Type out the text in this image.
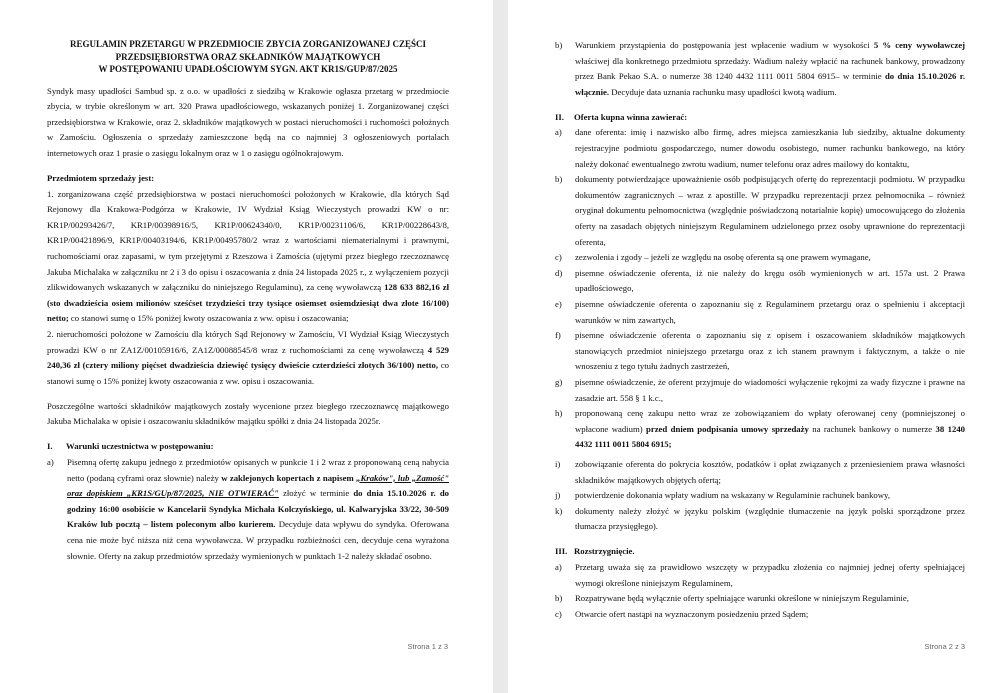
REGULAMIN PRZETARGU W PRZEDMIOCIE ZBYCIA ZORGANIZOWANEJ CZĘŚCI
PRZEDSIĘBIORSTWA ORAZ SKŁADNIKÓW MAJĄTKOWYCH
W POSTĘPOWANIU UPADŁOŚCIOWYM SYGN. AKT KR1S/GUP/87/2025

Syndyk masy upadłości Sambud sp. z o.o. w upadłości z siedzibą w Krakowie ogłasza przetarg w przedmiocie zbycia, w trybie określonym w art. 320 Prawa upadłościowego, wskazanych poniżej 1. Zorganizowanej części przedsiębiorstwa w Krakowie, oraz 2. składników majątkowych w postaci nieruchomości i ruchomości położnych w Zamościu. Ogłoszenia o sprzedaży zamieszczone będą na co najmniej 3 ogłoszeniowych portalach internetowych oraz 1 prasie o zasięgu lokalnym oraz w 1 o zasięgu ogólnokrajowym.

Przedmiotem sprzedaży jest:

1. zorganizowana część przedsiębiorstwa w postaci nieruchomości położonych w Krakowie, dla których Sąd Rejonowy dla Krakowa-Podgórza w Krakowie, IV Wydział Ksiąg Wieczystych prowadzi KW o nr: KR1P/00293426/7, KR1P/00398916/5, KR1P/00624340/0, KR1P/00231106/6, KR1P/00228643/8, KR1P/00421896/9, KR1P/00403194/6, KR1P/00495780/2 wraz z wartościami niematerialnymi i prawnymi, ruchomościami oraz zapasami, w tym przejętymi z Rzeszowa i Zamościa (ujętymi przez biegłego rzeczoznawcę Jakuba Michalaka w załączniku nr 2 i 3 do opisu i oszacowania z dnia 24 listopada 2025 r., z wyłączeniem pozycji zlikwidowanych wskazanych w załączniku do niniejszego Regulaminu), za cenę wywoławczą 128 633 882,16 zł (sto dwadzieścia osiem milionów sześćset trzydzieści trzy tysiące osiemset osiemdziesiąt dwa złote 16/100) netto; co stanowi sumę o 15% poniżej kwoty oszacowania z ww. opisu i oszacowania;

2. nieruchomości położone w Zamościu dla których Sąd Rejonowy w Zamościu, VI Wydział Ksiąg Wieczystych prowadzi KW o nr ZA1Z/00105916/6, ZA1Z/00088545/8 wraz z ruchomościami za cenę wywoławczą 4 529 240,36 zł (cztery miliony pięćset dwadzieścia dziewięć tysięcy dwieście czterdzieści złotych 36/100) netto, co stanowi sumę o 15% poniżej kwoty oszacowania z ww. opisu i oszacowania.

Poszczególne wartości składników majątkowych zostały wycenione przez biegłego rzeczoznawcę majątkowego Jakuba Michalaka w opisie i oszacowaniu składników majątku spółki z dnia 24 listopada 2025r.

I. Warunki uczestnictwa w postępowaniu:
a)	Pisemną ofertę zakupu jednego z przedmiotów opisanych w punkcie 1 i 2 wraz z proponowaną ceną nabycia netto (podaną cyframi oraz słownie) należy w zaklejonych kopertach z napisem „Kraków", lub „Zamość" oraz dopiskiem „KR1S/GUp/87/2025, NIE OTWIERAĆ" złożyć w terminie do dnia 15.10.2026 r. do godziny 16:00 osobiście w Kancelarii Syndyka Michała Kolczyńskiego, ul. Kalwaryjska 33/22, 30-509 Kraków lub pocztą – listem poleconym albo kurierem. Decyduje data wpływu do syndyka. Oferowana cena nie może być niższa niż cena wywoławcza. W przypadku rozbieżności cen, decyduje cena wyrażona słownie. Oferty na zakup przedmiotów sprzedaży wymienionych w punktach 1-2 należy składać osobno.
Strona 1 z 3
b)	Warunkiem przystąpienia do postępowania jest wpłacenie wadium w wysokości 5 % ceny wywoławczej właściwej dla konkretnego przedmiotu sprzedaży. Wadium należy wpłacić na rachunek bankowy, prowadzony przez Bank Pekao S.A. o numerze 38 1240 4432 1111 0011 5804 6915– w terminie do dnia 15.10.2026 r. włącznie. Decyduje data uznania rachunku masy upadłości kwotą wadium.
II. Oferta kupna winna zawierać:
a)	dane oferenta: imię i nazwisko albo firmę, adres miejsca zamieszkania lub siedziby, aktualne dokumenty rejestracyjne podmiotu gospodarczego, numer dowodu osobistego, numer rachunku bankowego, na który należy dokonać ewentualnego zwrotu wadium, numer telefonu oraz adres mailowy do kontaktu,
b)	dokumenty potwierdzające upoważnienie osób podpisujących ofertę do reprezentacji podmiotu. W przypadku dokumentów zagranicznych – wraz z apostille. W przypadku reprezentacji przez pełnomocnika – również oryginał dokumentu pełnomocnictwa (względnie poświadczoną notarialnie kopię) umocowującego do złożenia oferty na zasadach objętych niniejszym Regulaminem udzielonego przez osoby uprawnione do reprezentacji oferenta,
c)	zezwolenia i zgody – jeżeli ze względu na osobę oferenta są one prawem wymagane,
d)	pisemne oświadczenie oferenta, iż nie należy do kręgu osób wymienionych w art. 157a ust. 2 Prawa upadłościowego,
e)	pisemne oświadczenie oferenta o zapoznaniu się z Regulaminem przetargu oraz o spełnieniu i akceptacji warunków w nim zawartych,
f)	pisemne oświadczenie oferenta o zapoznaniu się z opisem i oszacowaniem składników majątkowych stanowiących przedmiot niniejszego przetargu oraz z ich stanem prawnym i faktycznym, a także o nie wnoszeniu z tego tytułu żadnych zastrzeżeń,
g)	pisemne oświadczenie, że oferent przyjmuje do wiadomości wyłączenie rękojmi za wady fizyczne i prawne na zasadzie art. 558 § 1 k.c.,
h)	proponowaną cenę zakupu netto wraz ze zobowiązaniem do wpłaty oferowanej ceny (pomniejszonej o wpłacone wadium) przed dniem podpisania umowy sprzedaży na rachunek bankowy o numerze 38 1240 4432 1111 0011 5804 6915;
i)	zobowiązanie oferenta do pokrycia kosztów, podatków i opłat związanych z przeniesieniem prawa własności składników majątkowych objętych ofertą;
j)	potwierdzenie dokonania wpłaty wadium na wskazany w Regulaminie rachunek bankowy,
k)	dokumenty należy złożyć w języku polskim (względnie tłumaczenie na język polski sporządzone przez tłumacza przysięgłego).
III. Rozstrzygnięcie.
a)	Przetarg uważa się za prawidłowo wszczęty w przypadku złożenia co najmniej jednej oferty spełniającej wymogi określone niniejszym Regulaminem,
b)	Rozpatrywane będą wyłącznie oferty spełniające warunki określone w niniejszym Regulaminie,
c)	Otwarcie ofert nastąpi na wyznaczonym posiedzeniu przed Sądem;
Strona 2 z 3
